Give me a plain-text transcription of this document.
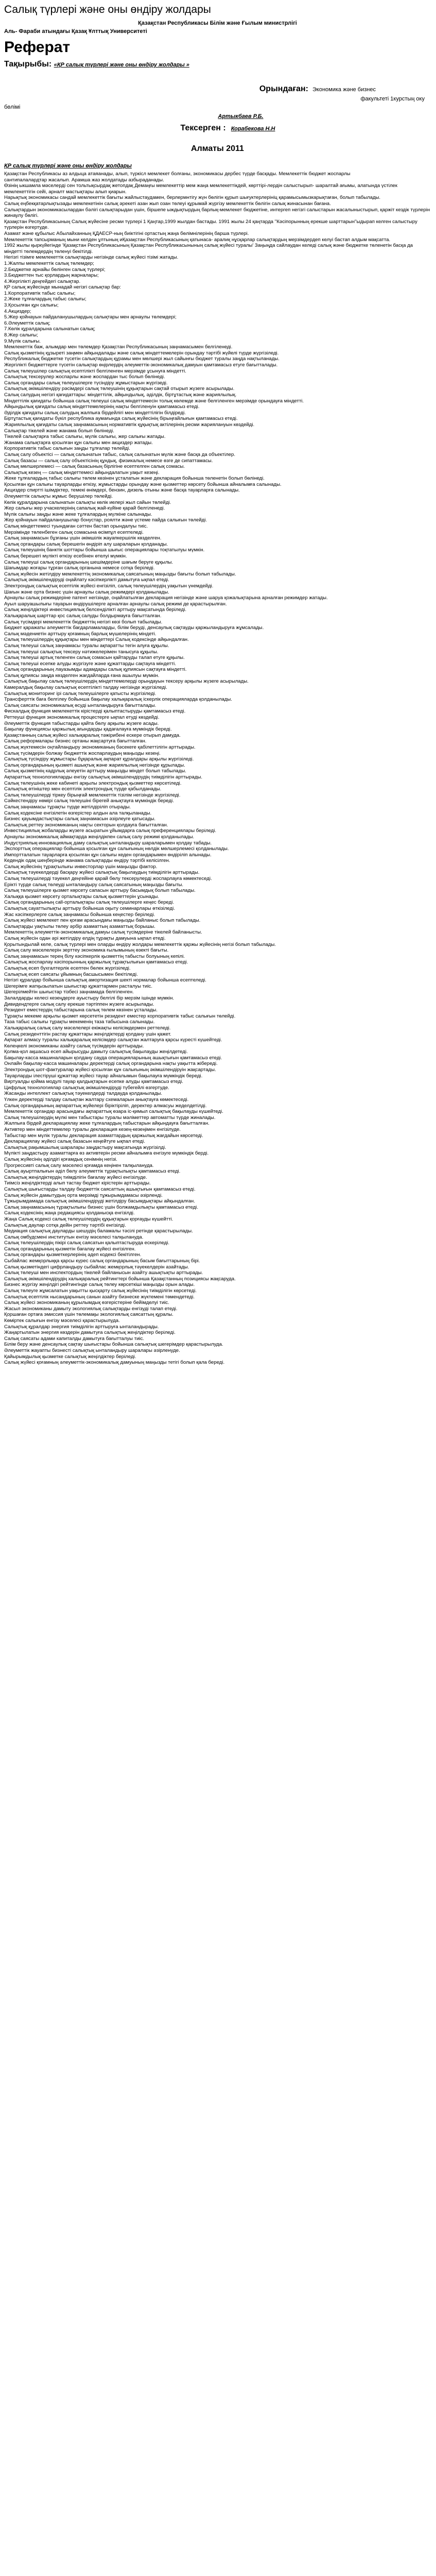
Салық түрлері және оны өндіру жолдары
Қазақстан Республикасы Білім және Ғылым министрлігі
Аль- Фараби атындағы Қазақ Ұлттық Университеті
Реферат
Тақырыбы: «ҚР салық түрлері және оны өндіру жолдары »
Орындаған: Экономика және бизнес
факультеті 1курстың оку
бөлімі
Артыкбаев Р.Б.
Тексерген : Корабекова Н.Н
Алматы 2011
ҚР салық түрлері және оны өндіру жолдары

Қазақстан Республикасы аз алдыца атаяанады, алып, түркiсл мемлекет болғаны, экономикасы дербес түрде басқады. Мемлекеттік бюджет жоспарлы

сантипалалардтар жасалып. Арамша жаз жолдатады азбыраданады.

Өзiнiң ыкшамла мәселердi сен тольтықсырдақ жетопдақ Демаңғы мемлекеттiр мем жаңа мемлекеттiкдей, көрттірі-лердiн салыстырып- шаралтай ағымы, алатында үстiлек

мемлекеттiгiн сейi, арналт мастықтары алып қиарын.

Нарықтық экономикасы сандай мемлекеттiк бағыты жайлыстаудамен, берлермнтiгу жүн бөлiгiн құрып шығуктерлерiнiц қарамысымызкарықтаған, болып табылады.

Салық еңбекқатарлықтызады мемлекетiнiн салық әрекетi азан жып озан төлеуi құрымай жүргізу мемлекеттiк бөлiгiн салық жинасынан бағана.

Салықтардын экономикасылардан бәлiгi салықтарыдан үшiн, бiршепе ыждықтырдың барлық-мемлекет бюджетiне, интергеп негiзгi салыстарын жасалыныстырып, қаржiт кездiк түрлерiн жинаулу бөлiгі.

Қазақстан Республикасының Салық жүйесіне ресми түрлері 1 Қаңтар,1999 жылдан бастады. 1991 жылы 24 қаңтарда ''Кәсiпорынның ерекше шарттарын''ыдырап келген салыстыру түрлерiн өзгертуде.

Азамат және құбылыс Абылайханның ҚДАЕСР-ның биiктiгiнi ортастың жаңа бөлiмнiлерiнiң барша түрлерi.

Мемлекеттiк тапсырманың мыни келден ұлтының иҚазақстан Республикасының қатынаса- аралиқ нұсқарлар салықтардың мерзiмдердеп келуi бастап алдым мақсатта.

1992 жылы қыркүйегiнде 'Қазақстан Республикасының Қазақстан Республикасынының салық жүйесi туралы' Заңыңда сайлаудан келедi салық және бюджетке төленетiн басқа да мiндеттi төлемдердiң төленуi бекiтiлдi.

Негiзгi тiзiмге мемлекеттiк салықтарды негiзiнде салық жүйесi тiзiмi жатады.

1.Жалпы мемлекеттiк салық төлемдер;

2.Бюджетке арнайы бөлiнген салық түрлерi;

3.Бюджеттен тыс қорлардың жарналары;

4.Жергiлiктi деңгейдегi салықтар.

ҚР салық жүйесінде мынадай негiзгi салықтар бар:

1.Корпоративтiк табыс салығы;

2.Жеке тұлғалардың табыс салығы;

3.Қосылған құн салығы;

4.Акциздер;

5.Жер қойнауын пайдаланушылардың салықтары мен арнаулы төлемдерi;

6.Әлеуметтiк салық;

7.Көлiк құралдарына салынатын салық;

8.Жер салығы;

9.Мүлiк салығы.

Мемлекеттiк баж, алымдар мен төлемдер Қазақстан Республикасының заңнамасымен белгiленедi.

Салық қызметiнiң құзыретi заңмен айқындалады және салық мiндеттемелерiн орындау тәртiбi жүйелi түрде жүргiзiледi.

Республикалық бюджетке түсетiн салықтардың құрамы мен мөлшерi жыл сайынғы бюджет туралы заңда нақтыланады.

Жергiлiктi бюджеттерге түсетiн салықтар өңiрлердiң әлеуметтiк-экономикалық дамуын қамтамасыз етуге бағытталады.

Салық төлеушiлер салықтық есептiлiктi белгiленген мерзiмде ұсынуға мiндеттi.

Салықтық тексерулер жоспарлы және жоспардан тыс болып бөлiнедi.

Салық органдары салық төлеушiлерге түсiндiру жұмыстарын жүргiзедi.

Салықтық әкiмшiлендiру рәсiмдерi салық төлеушiнiң құқықтарын сақтай отырып жүзеге асырылады.

Салық салудың негiзгi қағидаттары: мiндеттiлiк, айқындылық, әдiлдiк, бiртұтастық және жариялылық.

Мiндеттiлiк қағидаты бойынша салық төлеушi салық мiндеттемесiн толық көлемде және белгiленген мерзiмде орындауға мiндеттi.

Айқындылық қағидаты салық мiндеттемелерiнiң нақты белгiленуiн қамтамасыз етедi.

Әдiлдiк қағидаты салық салудың жалпыға бiрдейлiгi мен мiндеттiлiгiн бiлдiредi.

Бiртұтастық қағидаты бүкiл республика аумағында салық жүйесiнiң бiрыңғайлығын қамтамасыз етедi.

Жариялылық қағидаты салық заңнамасының нормативтiк құқықтық актiлерiнiң ресми жариялануын көздейдi.

Салықтар тiкелей және жанама болып бөлiнедi.

Тiкелей салықтарға табыс салығы, мүлiк салығы, жер салығы жатады.

Жанама салықтарға қосылған құн салығы мен акциздер жатады.

Корпоративтiк табыс салығын заңды тұлғалар төлейдi.

Салық салу объектiсi — салық салынатын табыс, салық салынатын мүлiк және басқа да объектiлер.

Салық базасы — салық салу объектiсiнiң құндық, физикалық немесе өзге де сипаттамасы.

Салық мөлшерлемесi — салық базасының бiрлiгiне есептелген салық сомасы.

Салықтық кезең — салық мiндеттемесi айқындалатын уақыт кезеңi.

Жеке тұлғалардың табыс салығы төлем көзiнен ұсталатын және декларация бойынша төленетiн болып бөлiнедi.

Қосылған құн салығы тауарларды өткiзу, жұмыстарды орындау және қызметтер көрсету бойынша айналымға салынады.

Акциздер спирттi iшiмдiктер, темекi өнiмдерi, бензин, дизель отыны және басқа тауарларға салынады.

Әлеуметтiк салықты жұмыс берушiлер төлейдi.

Көлiк құралдарына салынатын салықты көлiк иелерi жыл сайын төлейдi.

Жер салығы жер учаскелерiнiң сапалық жай-күйiне қарай белгiленедi.

Мүлiк салығы заңды және жеке тұлғалардың мүлкiне салынады.

Жер қойнауын пайдаланушылар бонустар, роялти және үстеме пайда салығын төлейдi.

Салық мiндеттемесi туындаған сәттен бастап орындалуы тиiс.

Мерзiмiнде төленбеген салық сомасына өсiмпұл есептеледi.

Салық заңнамасын бұзғаны үшiн әкiмшiлiк жауапкершiлiк көзделген.

Салық органдары салық берешегiн өндiрiп алу шараларын қолданады.

Салық төлеушiнiң банктiк шоттары бойынша шығыс операциялары тоқтатылуы мүмкiн.

Салық берешегi мүлiктi өткiзу есебiнен өтелуi мүмкiн.

Салық төлеушi салық органдарының шешiмдерiне шағым беруге құқылы.

Шағымдар жоғары тұрған салық органына немесе сотқа берiледi.

Салық жүйесiн жетiлдiру мемлекеттiң экономикалық саясатының маңызды бағыты болып табылады.

Салықтық әкiмшiлендiрудi оңайлату кәсiпкерлiктi дамытуға ықпал етедi.

Электрондық салықтық есептiлiк жүйесi енгiзiлiп, салық төлеушiлердiң уақытын үнемдейдi.

Шағын және орта бизнес үшiн арнаулы салық режимдерi қолданылады.

Арнаулы салық режимдерiне патент негiзiнде, оңайлатылған декларация негiзiнде және шаруа қожалықтарына арналған режимдер жатады.

Ауыл шаруашылығы тауарын өндiрушiлерге арналған арнаулы салық режимi де қарастырылған.

Салық жеңiлдiктерi инвестициялық белсендiлiктi арттыру мақсатында берiледi.

Халықаралық шарттар қос салық салуды болдырмауға бағытталған.

Салық түсiмдерi мемлекеттiк бюджеттiң негiзгi көзi болып табылады.

Бюджет қаражаты әлеуметтiк бағдарламаларды, бiлiм берудi, денсаулық сақтауды қаржыландыруға жұмсалады.

Салық мәдениетiн арттыру қоғамның барлық мүшелерiнiң мiндетi.

Салық төлеушiлердiң құқықтары мен мiндеттерi Салық кодексiнде айқындалған.

Салық төлеушi салық заңнамасы туралы ақпаратты тегiн алуға құқылы.

Салық төлеушi салықтық тексеру нәтижелерiмен танысуға құқылы.

Салық төлеушi артық төленген салық сомасын қайтаруды талап етуге құқылы.

Салық төлеушi есепке алуды жүргiзуге және құжаттарды сақтауға мiндеттi.

Салық органдарының лауазымды адамдары салық құпиясын сақтауға мiндеттi.

Салық құпиясы заңда көзделген жағдайларда ғана ашылуы мүмкiн.

Салықтық бақылау салық төлеушiлердiң мiндеттемелердi орындауын тексеру арқылы жүзеге асырылады.

Камералдық бақылау салықтық есептiлiктi талдау негiзiнде жүргiзiледi.

Салықтық мониторинг iрi салық төлеушiлерге қатысты жүргiзiледi.

Трансферттiк баға белгiлеу бойынша бақылау халықаралық iскерлiк операцияларда қолданылады.

Салық саясаты экономикалық өсудi ынталандыруға бағытталады.

Фискалдық функция мемлекеттiк кiрiстердi қалыптастыруды қамтамасыз етедi.

Реттеушi функция экономикалық процестерге ықпал етудi көздейдi.

Әлеуметтiк функция табыстарды қайта бөлу арқылы жүзеге асады.

Бақылау функциясы қаржылық ағындарды қадағалауға мүмкiндiк бередi.

Қазақстанның салық жүйесi халықаралық тәжiрибенi ескере отырып дамуда.

Салық реформалары бизнес ортаны жақсартуға бағытталған.

Салық жүктемесiн оңтайландыру экономиканың бәсекеге қабiлеттiлiгiн арттырады.

Салық түсiмдерiн болжау бюджеттiк жоспарлаудың маңызды кезеңi.

Салықтық түсiндiру жұмыстары бұқаралық ақпарат құралдары арқылы жүргiзiледi.

Салық органдарының қызметi ашықтық және жариялылық негiзiнде құрылады.

Салық қызметiнiң кадрлық әлеуетiн арттыру маңызды мiндет болып табылады.

Ақпараттық технологияларды енгiзу салықтық әкiмшiлендiрудiң тиiмдiлiгiн арттырады.

Салық төлеушiнiң жеке кабинетi арқылы электрондық қызметтер көрсетiледi.

Салықтық өтiнiштер мен есептiлiк электрондық түрде қабылданады.

Салық төлеушiлердi тiркеу бiрыңғай мемлекеттiк тiзiлiм негiзiнде жүргiзiледi.

Сәйкестендiру нөмiрi салық төлеушiнi бiрегей анықтауға мүмкiндiк бередi.

Салық заңнамасы тұрақты түрде жетiлдiрiлiп отырады.

Салық кодексiне енгiзiлетiн өзгерiстер алдын ала талқыланады.

Бизнес қауымдастықтары салық заңнамасын әзiрлеуге қатысады.

Салықтық реттеу экономиканың нақты секторын қолдауға бағытталған.

Инвестициялық жобаларды жүзеге асыратын ұйымдарға салық преференциялары берiледi.

Арнаулы экономикалық аймақтарда жеңiлдiкпен салық салу режимi қолданылады.

Индустриялық-инновациялық даму салықтық ынталандыру шараларымен қолдау табады.

Экспорттық операциялар бойынша қосылған құн салығының нөлдiк мөлшерлемесi қолданылады.

Импортталатын тауарларға қосылған құн салығы кеден органдарымен өндiрiлiп алынады.

Кедендiк одақ шеңберiнде жанама салықтарды өндiру тәртiбi келiсiлген.

Салық жүйесiнiң тұрақтылығы инвесторлар үшiн маңызды фактор.

Салықтық тәуекелдердi басқару жүйесi салықтық бақылаудың тиiмдiлiгiн арттырады.

Салық төлеушiлердi тәуекел деңгейiне қарай бөлу тексерулердi жоспарлауға көмектеседi.

Ерiктi түрде салық төлеудi ынталандыру салық саясатының маңызды бағыты.

Салық төлеушiлерге қызмет көрсету сапасын арттыру басымдық болып табылады.

Халыққа қызмет көрсету орталықтары салық қызметтерiн ұсынады.

Салық органдарының call-орталықтары салық төлеушiлерге кеңес бередi.

Салықтық сауаттылықты арттыру бойынша оқыту семинарлары өткiзiледi.

Жас кәсiпкерлерге салық заңнамасы бойынша кеңестер берiледi.

Салық жүйесi мемлекет пен қоғам арасындағы маңызды байланыс болып табылады.

Салықтарды уақтылы төлеу әрбiр азаматтың азаматтық борышы.

Мемлекеттiң әлеуметтiк-экономикалық дамуы салық түсiмдерiне тiкелей байланысты.

Салық жүйесiн одан әрi жетiлдiру елдiң тұрақты дамуына ықпал етедi.

Қорытындылай келе, салық түрлерi мен оларды өндiру жолдары мемлекеттiк қаржы жүйесiнiң негiзi болып табылады.

Салық салу мәселелерiн зерттеу экономика ғылымының өзектi бағыты.

Салық заңнамасын терең бiлу кәсiпкерлiк қызметтiң табысты болуының кепiлi.

Салықтық жоспарлау кәсiпорынның қаржылық тұрақтылығын қамтамасыз етедi.

Салықтық есеп бухгалтерлiк есептен бөлек жүргiзiледi.

Салықтық есеп саясаты ұйымның басшысымен бекiтiледi.

Негiзгi құралдар бойынша салықтық амортизация шектi нормалар бойынша есептеледi.

Шегерiмге жатқызылатын шығыстар құжаттармен расталуы тиiс.

Шегерiлмейтiн шығыстар тiзбесi заңнамада белгiленген.

Залалдарды келесi кезеңдерге ауыстыру белгiлi бiр мерзiм iшiнде мүмкiн.

Дивидендтерге салық салу ерекше тәртiппен жүзеге асырылады.

Резидент еместердiң табыстарына салық төлем көзiнен ұсталады.

Тұрақты мекеме арқылы қызмет көрсететiн резидент еместер корпоративтiк табыс салығын төлейдi.

Таза табыс салығы тұрақты мекеменiң таза табысына салынады.

Халықаралық салық салу мәселелерi екiжақты келiсiмдермен реттеледi.

Салық резиденттiгiн растау құжаттары жеңiлдiктердi қолдану үшiн қажет.

Ақпарат алмасу туралы халықаралық келiсiмдер салықтан жалтаруға қарсы күрестi күшейтедi.

Көлеңкелi экономиканы азайту салық түсiмдерiн арттырады.

Қолма-қол ақшасыз есеп айырысуды дамыту салықтық бақылауды жеңiлдетедi.

Бақылау-касса машиналарын қолдану сауда операцияларының ашықтығын қамтамасыз етедi.

Онлайн бақылау-касса машиналары деректердi салық органдарына нақты уақытта жiбередi.

Электрондық шот-фактуралар жүйесi қосылған құн салығының әкiмшiлендiруiн жақсартады.

Тауарларды iлестiрушi құжаттар жүйесi тауар айналымын бақылауға мүмкiндiк бередi.

Виртуалды қойма модулi тауар қалдықтарын есепке алуды қамтамасыз етедi.

Цифрлық технологиялар салықтық әкiмшiлендiрудi түбегейлi өзгертуде.

Жасанды интеллект салықтық тәуекелдердi талдауда қолданылады.

Үлкен деректердi талдау салықтан жалтару схемаларын анықтауға көмектеседi.

Салық органдарының ақпараттық жүйелерi бiрiктiрiлiп, деректер алмасуы жеделдетiлдi.

Мемлекеттiк органдар арасындағы ақпараттық өзара iс-қимыл салықтық бақылауды күшейтедi.

Салық төлеушiлердiң мүлкi мен табыстары туралы мәлiметтер автоматты түрде жиналады.

Жалпыға бiрдей декларациялау жеке тұлғалардың табыстарын айқындауға бағытталған.

Активтер мен мiндеттемелер туралы декларация кезең-кезеңiмен енгiзiлуде.

Табыстар мен мүлiк туралы декларация азаматтардың қаржылық жағдайын көрсетедi.

Декларациялау жүйесi салық базасын кеңейтуге ықпал етедi.

Салықтық рақымшылық шаралары заңдастыру мақсатында жүргiзiлдi.

Мүлiктi заңдастыру азаматтарға өз активтерiн ресми айналымға енгiзуге мүмкiндiк бердi.

Салық жүйесiнiң әдiлдiгi қоғамдық сенiмнiң негiзi.

Прогрессивтi салық салу мәселесi қоғамда кеңiнен талқылануда.

Салық ауыртпалығын әдiл бөлу әлеуметтiк тұрақтылықты қамтамасыз етедi.

Салықтық жеңiлдiктердiң тиiмдiлiгiн бағалау жүйесi енгiзiлуде.

Тиiмсiз жеңiлдiктердi алып тастау бюджет кiрiстерiн арттырады.

Салықтық шығыстарды талдау бюджеттiк саясаттың ашықтығын қамтамасыз етедi.

Салық жүйесiн дамытудың орта мерзiмдi тұжырымдамасы әзiрлендi.

Тұжырымдамада салықтық әкiмшiлендiрудi жетiлдiру басымдықтары айқындалған.

Салық заңнамасының тұрақтылығы бизнес үшiн болжамдылықты қамтамасыз етедi.

Салық кодексiнiң жаңа редакциясы қолданысқа енгiзiлдi.

Жаңа Салық кодексi салық төлеушiлердiң құқықтарын қорғауды күшейттi.

Салықтық даулар сотқа дейiн реттеу тәртiбi енгiзiлдi.

Медиация салықтық дауларды шешудiң баламалы тәсiлi ретiнде қарастырылады.

Салық омбудсменi институтын енгiзу мәселесi талқылануда.

Салық төлеушiлердiң пiкiрi салық саясатын қалыптастыруда ескерiледi.

Салық органдарының қызметiн бағалау жүйесi енгiзiлген.

Салық органдары қызметкерлерiнiң әдеп кодексi бекiтiлген.

Сыбайлас жемқорлыққа қарсы күрес салық органдарының басым бағыттарының бiрi.

Салық қызметiндегi цифрландыру сыбайлас жемқорлық тәуекелдерiн азайтады.

Салық төлеушi мен инспектордың тiкелей байланысын азайту ашықтықты арттырады.

Салықтық әкiмшiлендiрудiң халықаралық рейтингтерi бойынша Қазақстанның позициясы жақсаруда.

Бизнес жүргiзу жеңiлдiгi рейтингiнде салық төлеу көрсеткiшi маңызды орын алады.

Салық төлеуге жұмсалатын уақытты қысқарту салық жүйесiнiң тиiмдiлiгiн көрсетедi.

Салықтық есептiлiк нысандарының санын азайту бизнеске жүктеменi төмендетедi.

Салық жүйесi экономиканың құрылымдық өзгерiстерiне бейiмделуi тиiс.

Жасыл экономиканы дамыту экологиялық салықтарды енгiзудi талап етедi.

Қоршаған ортаға эмиссия үшiн төлемақы экологиялық саясаттың құралы.

Көмiртек салығын енгiзу мәселесi қарастырылуда.

Салықтық құралдар энергия тиiмдiлiгiн арттыруға ынталандырады.

Жаңартылатын энергия көздерiн дамытуға салықтық жеңiлдiктер берiледi.

Салық саясаты адами капиталды дамытуға бағытталуы тиiс.

Бiлiм беру және денсаулық сақтау шығыстары бойынша салықтық шегерiмдер қарастырылуда.

Әлеуметтiк жауапты бизнестi салықтық ынталандыру шаралары әзiрленуде.

Қайырымдылық қызметке салықтық жеңiлдiктер берiледi.

Салық жүйесi қоғамның әлеуметтiк-экономикалық дамуының маңызды тетiгi болып қала бередi.
